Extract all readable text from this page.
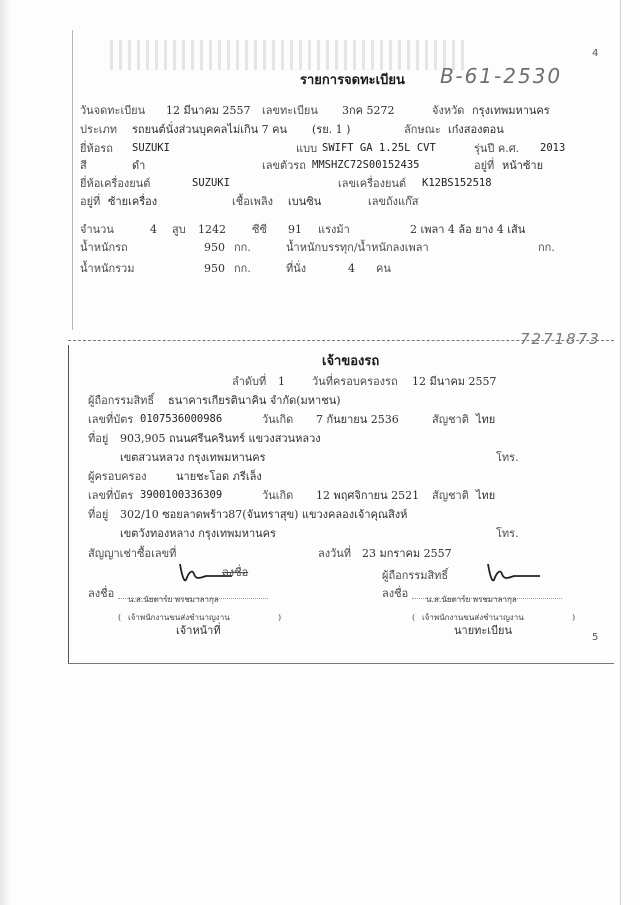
4
5
รายการจดทะเบียน B-61-2530
วันจดทะเบียน 12 มีนาคม 2557 เลขทะเบียน 3กค 5272	จังหวัด กรุงเทพมหานคร
ประเภท รถยนต์นั่งส่วนบุคคลไม่เกิน 7 คน (รย. 1 )	ลักษณะ เก๋งสองตอน
ยี่ห้อรถ SUZUKI	แบบ SWIFT GA 1.25L CVT	รุ่นปี ค.ศ. 2013
สี	ดำ	เลขตัวรถ MMSHZC72S00152435	อยู่ที่ หน้าซ้าย
ยี่ห้อเครื่องยนต์	SUZUKI	เลขเครื่องยนต์ K12BS152518
อยู่ที่ ซ้ายเครื่อง	เชื้อเพลิง เบนซิน	เลขถังแก๊ส
จำนวน	4 สูบ 1242 ซีซี 91 แรงม้า	2 เพลา 4 ล้อ ยาง 4 เส้น
น้ำหนักรถ	950 กก.	น้ำหนักบรรทุก/น้ำหนักลงเพลา	กก.
น้ำหนักรวม	950 กก.	ที่นั่ง	4 คน
7271873
เจ้าของรถ
ลำดับที่ 1 วันที่ครอบครองรถ 12 มีนาคม 2557
ผู้ถือกรรมสิทธิ์ ธนาคารเกียรตินาคิน จำกัด(มหาชน)
เลขที่บัตร 0107536000986	วันเกิด 7 กันยายน 2536	สัญชาติ ไทย
ที่อยู่ 903,905 ถนนศรีนครินทร์ แขวงสวนหลวง
เขตสวนหลวง กรุงเทพมหานคร	โทร.
ผู้ครอบครอง	นายชะโอด ภรีเล็ง
เลขที่บัตร 3900100336309	วันเกิด 12 พฤศจิกายน 2521 สัญชาติ ไทย
ที่อยู่ 302/10 ซอยลาดพร้าว87(จันทราสุข) แขวงคลองเจ้าคุณสิงห์
เขตวังทองหลาง กรุงเทพมหานคร	โทร.
สัญญาเช่าซื้อเลขที่	ลงวันที่ 23 มกราคม 2557
ผู้ถือกรรมสิทธิ์
ลงชื่อ
ลงชื่อ
น.ส.นัยตาร์ย พรชมาลากุล
( เจ้าพนักงานขนส่งชำนาญงาน	)
เจ้าหน้าที่
ลงชื่อ น.ส.นัยตาร์ย พรชมาลากุล
( เจ้าพนักงานขนส่งชำนาญงาน	)
นายทะเบียน
